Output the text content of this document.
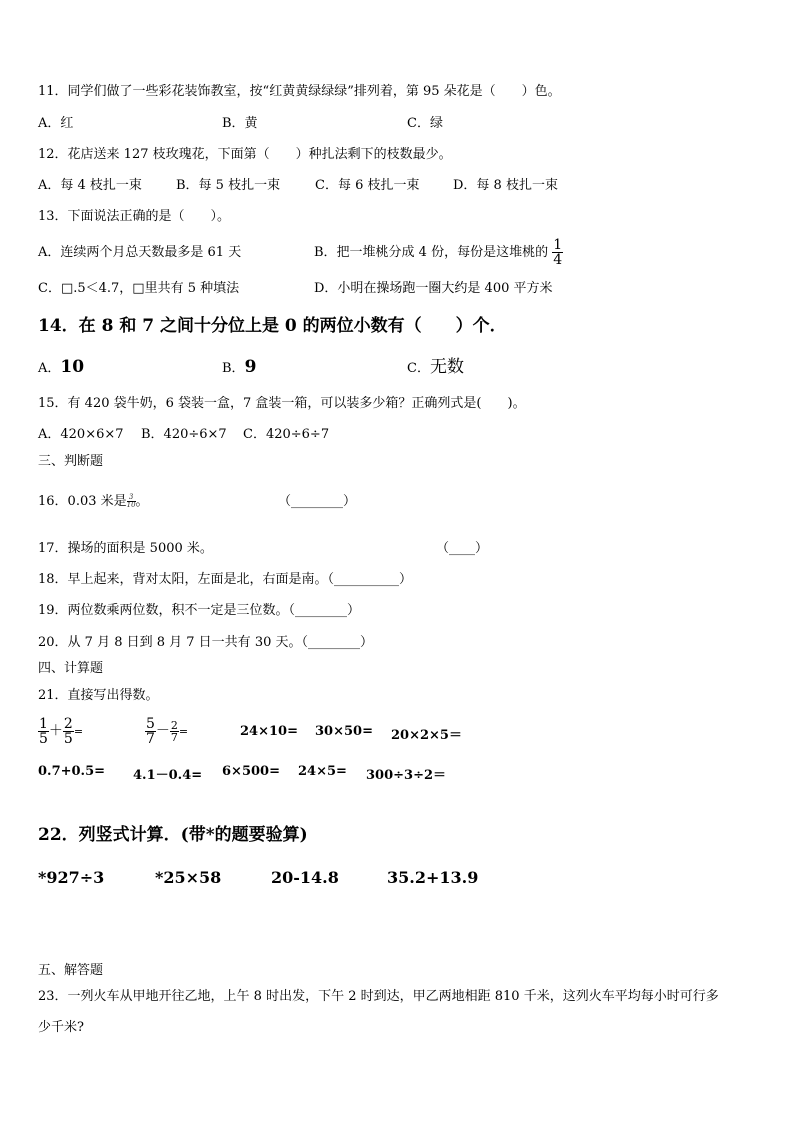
11．同学们做了一些彩花装饰教室，按“红黄黄绿绿绿”排列着，第 95 朵花是（　　）色。
A．红	B．黄	C．绿
12．花店送来 127 枝玫瑰花，下面第（　　）种扎法剩下的枝数最少。
A．每 4 枝扎一束	B．每 5 枝扎一束	C．每 6 枝扎一束	D．每 8 枝扎一束
13．下面说法正确的是（　　）。
A．连续两个月总天数最多是 61 天	B．把一堆桃分成 4 份，每份是这堆桃的 $\frac{1}{4}$
C．□.5＜4.7，□里共有 5 种填法	D．小明在操场跑一圈大约是 400 平方米
14．在 8 和 7 之间十分位上是 0 的两位小数有（　　）个．
A．10	B．9	C．无数
15．有 420 袋牛奶，6 袋装一盒，7 盒装一箱，可以装多少箱？正确列式是(　　)。
A．420×6×7 B．420÷6×7 C．420÷6÷7
三、判断题
16．0.03 米是 $\frac{3}{10}$ 。	（________）
17．操场的面积是 5000 米。	（____）
18．早上起来，背对太阳，左面是北，右面是南。（__________）
19．两位数乘两位数，积不一定是三位数。（________）
20．从 7 月 8 日到 8 月 7 日一共有 30 天。（________）
四、计算题
21．直接写出得数。
$\frac{1}{5} + \frac{2}{5}$ =	$\frac{5}{7} - \frac{2}{7}$ =	24×10= 30×50= 20×2×5＝
0.7+0.5= 4.1－0.4= 6×500= 24×5= 300÷3÷2＝
22．列竖式计算．(带*的题要验算)
*927÷3	*25×58	20-14.8	35.2+13.9
五、解答题
23．一列火车从甲地开往乙地，上午 8 时出发，下午 2 时到达，甲乙两地相距 810 千米，这列火车平均每小时可行多
少千米?
